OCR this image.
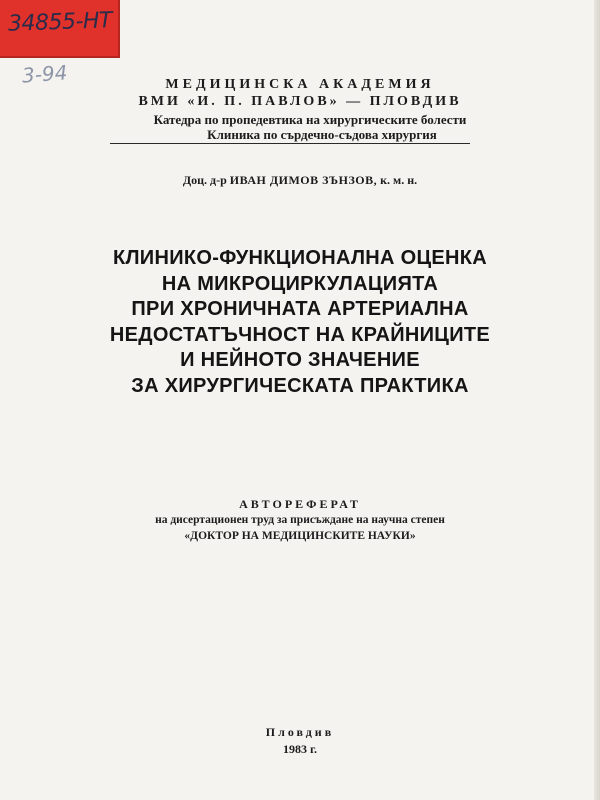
34855-НТ
3-94	МЕДИЦИНСКА АКАДЕМИЯ
ВМИ «И. П. ПАВЛОВ» — ПЛОВДИВ
Катедра по пропедевтика на хирургическите болести
Клиника по сърдечно-съдова хирургия
Доц. д-р ИВАН ДИМОВ ЗЪНЗОВ, к. м. н.
КЛИНИКО-ФУНКЦИОНАЛНА ОЦЕНКА
НА МИКРОЦИРКУЛАЦИЯТА
ПРИ ХРОНИЧНАТА АРТЕРИАЛНА
НЕДОСТАТЪЧНОСТ НА КРАЙНИЦИТЕ
И НЕЙНОТО ЗНАЧЕНИЕ
ЗА ХИРУРГИЧЕСКАТА ПРАКТИКА
АВТОРЕФЕРАТ
на дисертационен труд за присъждане на научна степен
«ДОКТОР НА МЕДИЦИНСКИТЕ НАУКИ»
Пловдив
1983 г.
